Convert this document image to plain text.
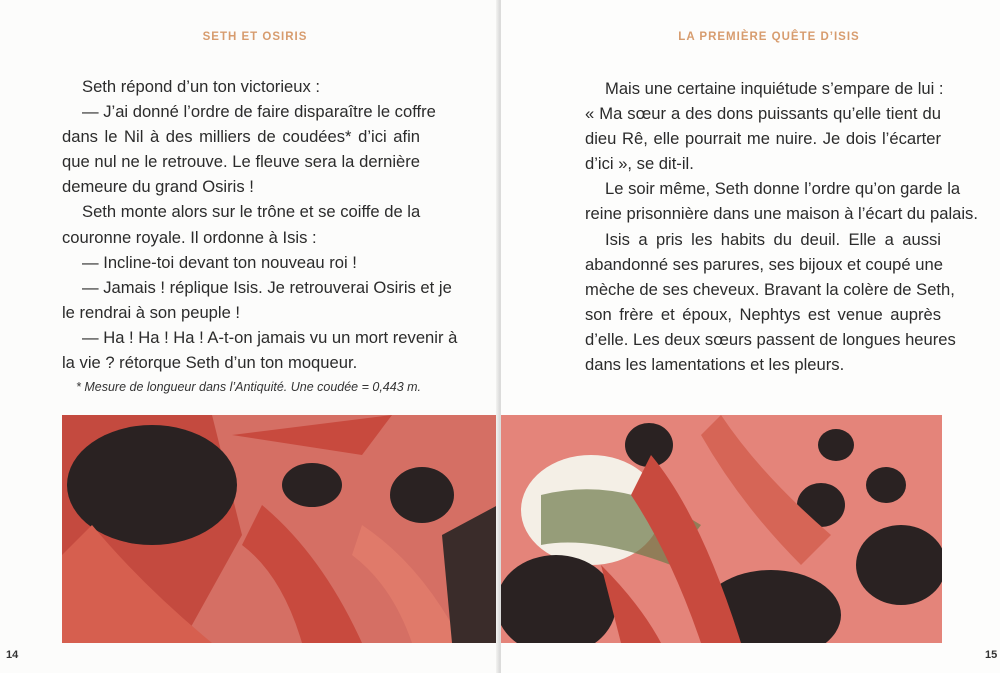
SETH ET OSIRIS
Seth répond d’un ton victorieux :
— J’ai donné l’ordre de faire disparaître le coffre
dans le Nil à des milliers de coudées* d’ici afin
que nul ne le retrouve. Le fleuve sera la dernière
demeure du grand Osiris !
Seth monte alors sur le trône et se coiffe de la
couronne royale. Il ordonne à Isis :
— Incline-toi devant ton nouveau roi !
— Jamais ! réplique Isis. Je retrouverai Osiris et je
le rendrai à son peuple !
— Ha ! Ha ! Ha ! A-t-on jamais vu un mort revenir à
la vie ? rétorque Seth d’un ton moqueur.
* Mesure de longueur dans l’Antiquité. Une coudée = 0,443 m.
14
LA PREMIÈRE QUÊTE D’ISIS
Mais une certaine inquiétude s’empare de lui :
« Ma sœur a des dons puissants qu’elle tient du
dieu Rê, elle pourrait me nuire. Je dois l’écarter
d’ici », se dit-il.
Le soir même, Seth donne l’ordre qu’on garde la
reine prisonnière dans une maison à l’écart du palais.
Isis a pris les habits du deuil. Elle a aussi
abandonné ses parures, ses bijoux et coupé une
mèche de ses cheveux. Bravant la colère de Seth,
son frère et époux, Nephtys est venue auprès
d’elle. Les deux sœurs passent de longues heures
dans les lamentations et les pleurs.
15
